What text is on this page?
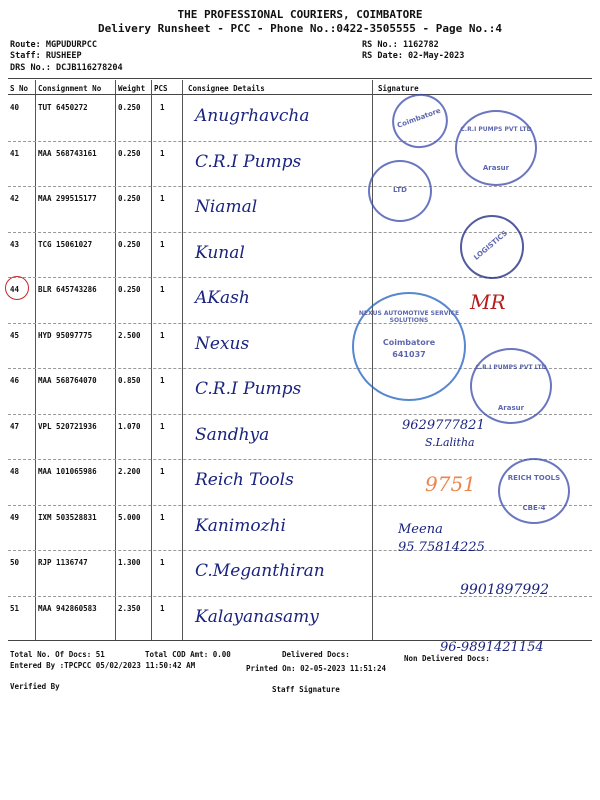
THE PROFESSIONAL COURIERS, COIMBATORE
Delivery Runsheet - PCC - Phone No.:0422-3505555 - Page No.:4
Route: MGPUDURPCC
Staff: RUSHEEP
DRS No.: DCJB116278204
RS No.: 1162782
RS Date: 02-May-2023
S No Consignment No Weight PCS	Consignee Details	Signature
40	TUT 6450272	0.250	1 Anugrhavcha
41	MAA 568743161	0.250	1 C.R.I Pumps
42	MAA 299515177	0.250	1 Niamal
43	TCG 15061027	0.250	1 Kunal
44	BLR 645743286	0.250	1 AKash
45	HYD 95097775	2.500	1 Nexus
46	MAA 568764070	0.850	1 C.R.I Pumps
47	VPL 520721936	1.070	1 Sandhya
48	MAA 101065986	2.200	1 Reich Tools
49	IXM 503528831	5.000	1 Kanimozhi
50	RJP 1136747	1.300	1 C.Meganthiran
51	MAA 942860583	2.350	1 Kalayanasamy
Coimbatore	C.R.I PUMPS PVT LTD
Arasur
LTD
LOGISTICS
NEXUS AUTOMOTIVE SERVICE SOLUTIONS
Coimbatore
641037
C.R.I PUMPS PVT LTD
Arasur
REICH TOOLS
CBE-4
MR
9629777821
S.Lalitha
9751
Meena
95 75814225
9901897992
96-9891421154
Total No. Of Docs: 51	Total COD Amt: 0.00	Delivered Docs:	Non Delivered Docs:
Entered By :TPCPCC 05/02/2023 11:50:42 AM	Printed On: 02-05-2023 11:51:24
Verified By	Staff Signature
